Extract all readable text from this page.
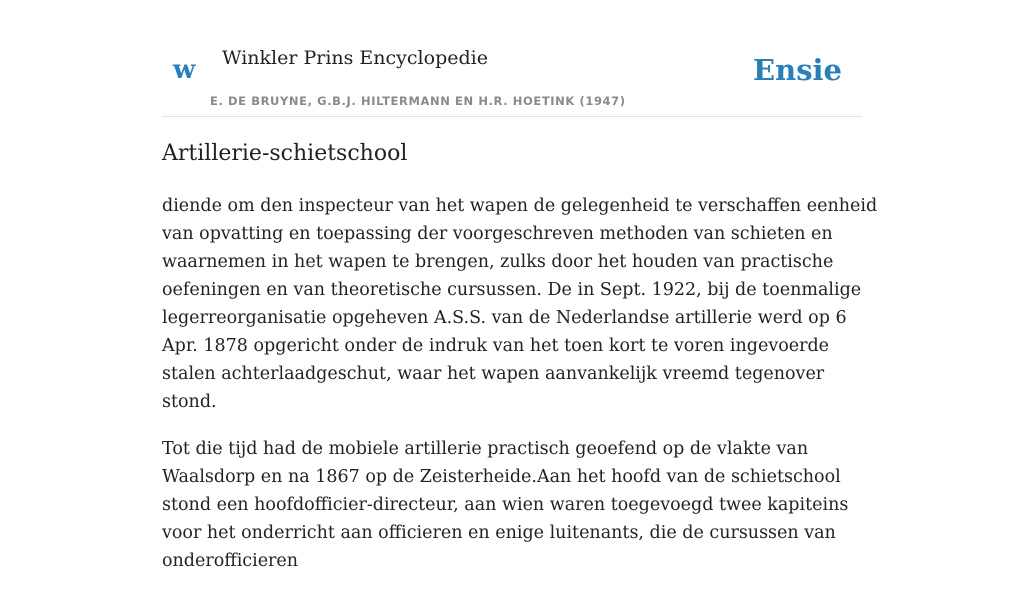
w Winkler Prins Encyclopedie
E. DE BRUYNE, G.B.J. HILTERMANN EN H.R. HOETINK (1947)
Ensie
Artillerie-schietschool

diende om den inspecteur van het wapen de gelegenheid te verschaffen eenheid van opvatting en toepassing der voorgeschreven methoden van schieten en waarnemen in het wapen te brengen, zulks door het houden van practische oefeningen en van theoretische cursussen. De in Sept. 1922, bij de toenmalige legerreorganisatie opgeheven A.S.S. van de Nederlandse artillerie werd op 6 Apr. 1878 opgericht onder de indruk van het toen kort te voren ingevoerde stalen achterlaadgeschut, waar het wapen aanvankelijk vreemd tegenover stond.

Tot die tijd had de mobiele artillerie practisch geoefend op de vlakte van Waalsdorp en na 1867 op de Zeisterheide.Aan het hoofd van de schietschool stond een hoofdofficier-directeur, aan wien waren toegevoegd twee kapiteins voor het onderricht aan officieren en enige luitenants, die de cursussen van onderofficieren
